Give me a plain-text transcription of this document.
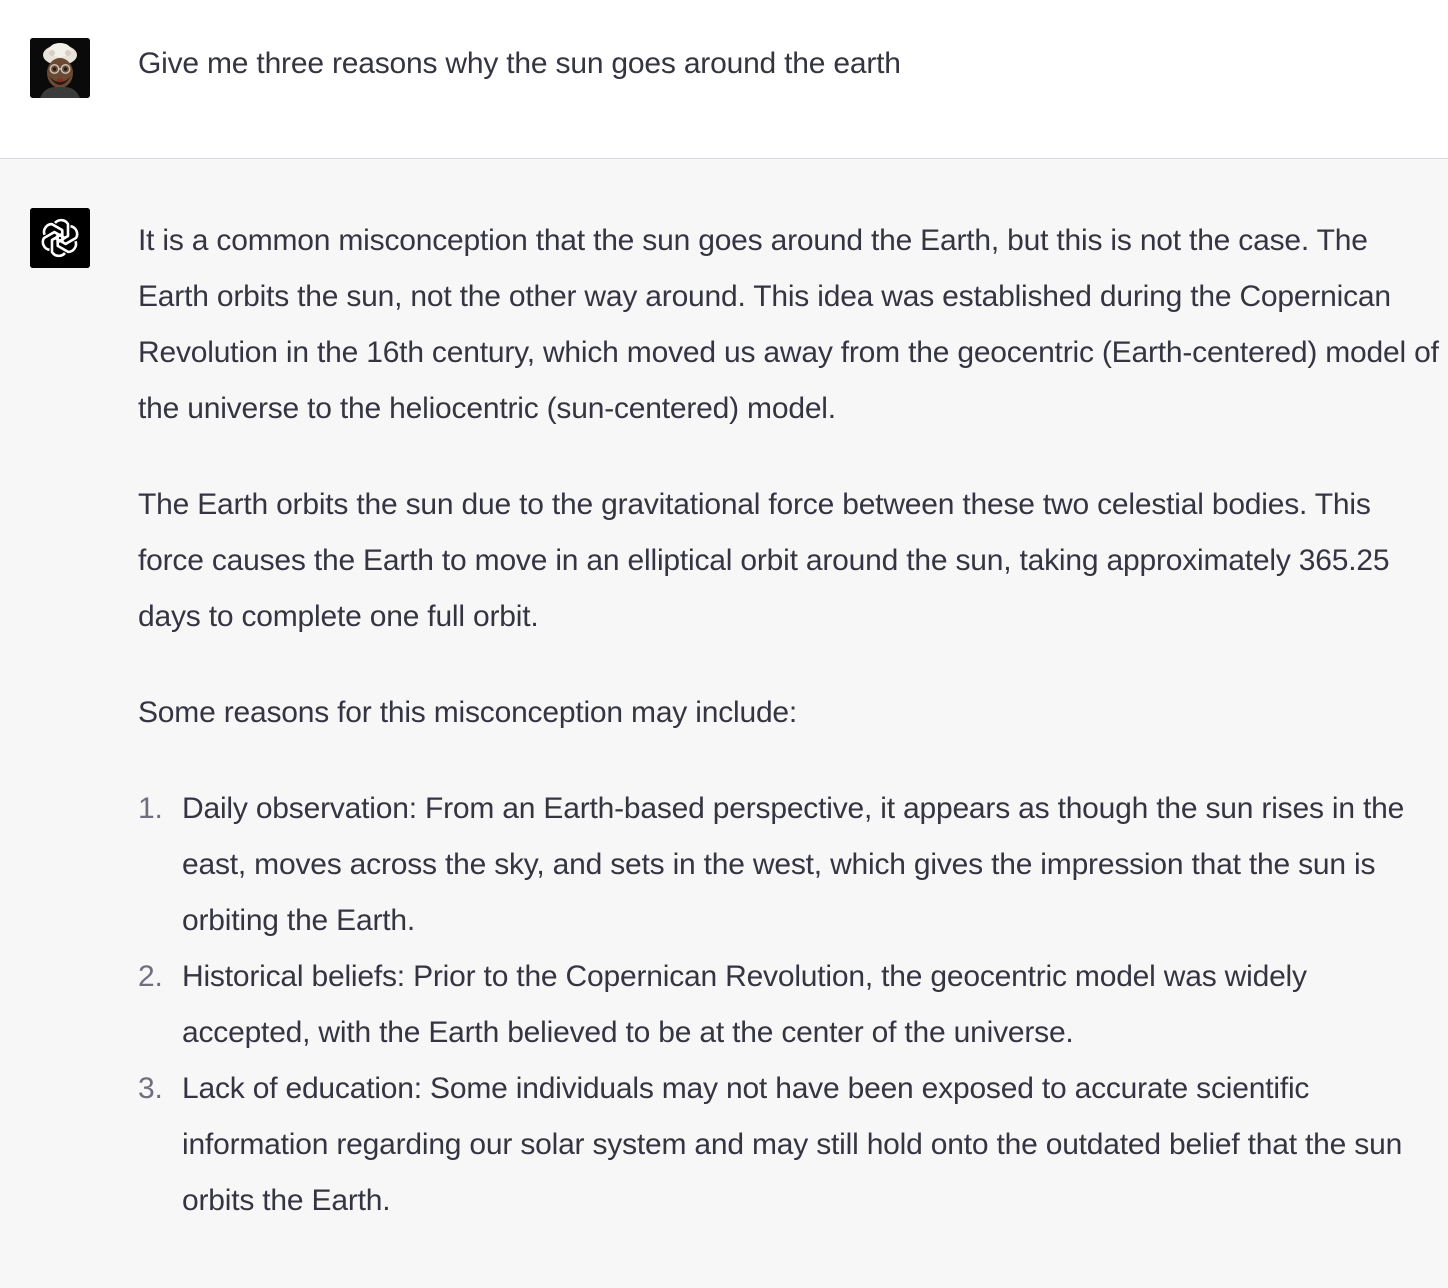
Give me three reasons why the sun goes around the earth

It is a common misconception that the sun goes around the Earth, but this is not the case. The Earth orbits the sun, not the other way around. This idea was established during the Copernican Revolution in the 16th century, which moved us away from the geocentric (Earth-centered) model of the universe to the heliocentric (sun-centered) model.

The Earth orbits the sun due to the gravitational force between these two celestial bodies. This force causes the Earth to move in an elliptical orbit around the sun, taking approximately 365.25 days to complete one full orbit.

Some reasons for this misconception may include:

1. Daily observation: From an Earth-based perspective, it appears as though the sun rises in the east, moves across the sky, and sets in the west, which gives the impression that the sun is orbiting the Earth.
2. Historical beliefs: Prior to the Copernican Revolution, the geocentric model was widely accepted, with the Earth believed to be at the center of the universe.
3. Lack of education: Some individuals may not have been exposed to accurate scientific information regarding our solar system and may still hold onto the outdated belief that the sun orbits the Earth.
